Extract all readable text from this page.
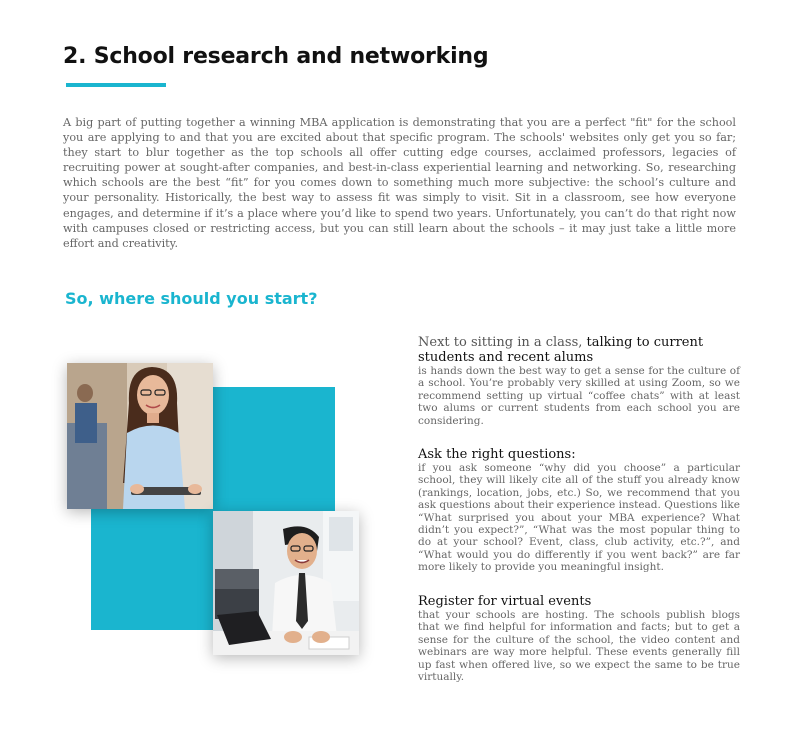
2. School research and networking

A big part of putting together a winning MBA application is demonstrating that you are a perfect "fit" for the school you are applying to and that you are excited about that specific program. The schools' websites only get you so far; they start to blur together as the top schools all offer cutting edge courses, acclaimed professors, legacies of recruiting power at sought-after companies, and best-in-class experiential learning and networking. So, researching which schools are the best “fit” for you comes down to something much more subjective: the school’s culture and your personality. Historically, the best way to assess fit was simply to visit. Sit in a classroom, see how everyone engages, and determine if it’s a place where you’d like to spend two years. Unfortunately, you can’t do that right now with campuses closed or restricting access, but you can still learn about the schools – it may just take a little more effort and creativity.

So, where should you start?
Next to sitting in a class, talking to current students and recent alums

is hands down the best way to get a sense for the culture of a school. You’re probably very skilled at using Zoom, so we recommend setting up virtual “coffee chats” with at least two alums or current students from each school you are considering.

Ask the right questions:

if you ask someone “why did you choose” a particular school, they will likely cite all of the stuff you already know (rankings, location, jobs, etc.) So, we recommend that you ask questions about their experience instead. Questions like “What surprised you about your MBA experience? What didn’t you expect?”, “What was the most popular thing to do at your school? Event, class, club activity, etc.?”, and “What would you do differently if you went back?” are far more likely to provide you meaningful insight.

Register for virtual events

that your schools are hosting. The schools publish blogs that we find helpful for information and facts; but to get a sense for the culture of the school, the video content and webinars are way more helpful. These events generally fill up fast when offered live, so we expect the same to be true virtually.
